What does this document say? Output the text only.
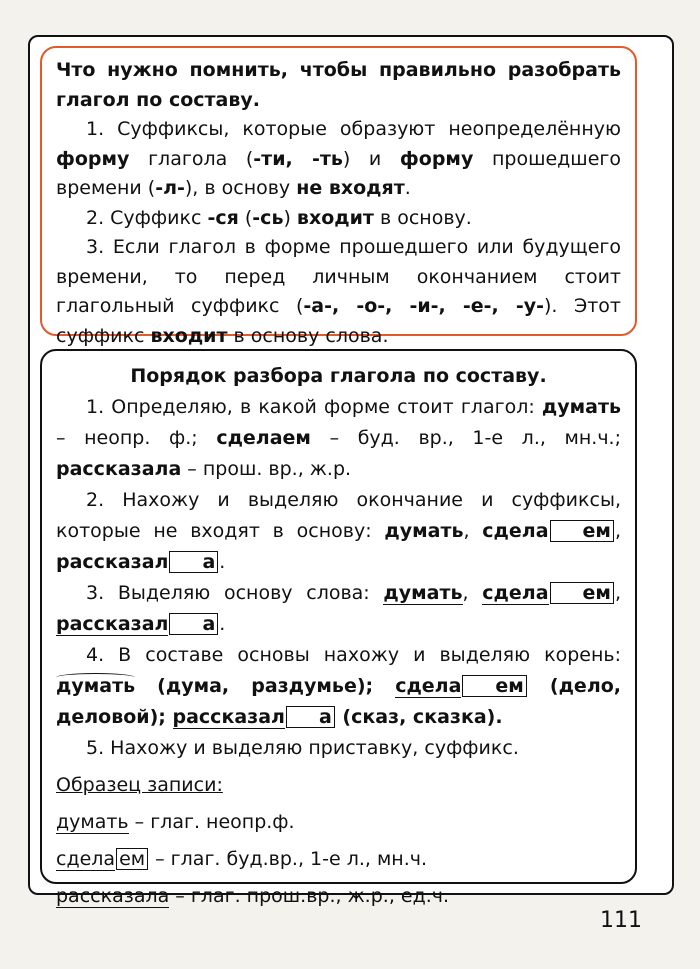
Что нужно помнить, чтобы правильно разобрать глагол по составу.

1. Суффиксы, которые образуют неопределённую форму глагола (-ти, -ть) и форму прошедшего времени (-л-), в основу не входят.

2. Суффикс -ся (-сь) входит в основу.

3. Если глагол в форме прошедшего или будущего времени, то перед личным окончанием стоит глагольный суффикс (-а-, -о-, -и-, -е-, -у-). Этот суффикс входит в основу слова.

Порядок разбора глагола по составу.

1. Определяю, в какой форме стоит глагол: думать – неопр. ф.; сделаем – буд. вр., 1-е л., мн.ч.; рассказала – прош. вр., ж.р.

2. Нахожу и выделяю окончание и суффиксы, которые не входят в основу: думать, сдела ем , рассказал а .

3. Выделяю основу слова: думать, сдела ем , рассказал а .

4. В составе основы нахожу и выделяю корень: думать (дума, раздумье); сдела ем (дело, деловой); рассказал а (сказ, сказка).

5. Нахожу и выделяю приставку, суффикс.

Образец записи:

думать – глаг. неопр.ф.

сдела ем – глаг. буд.вр., 1-е л., мн.ч.

рассказала – глаг. прош.вр., ж.р., ед.ч.

111
